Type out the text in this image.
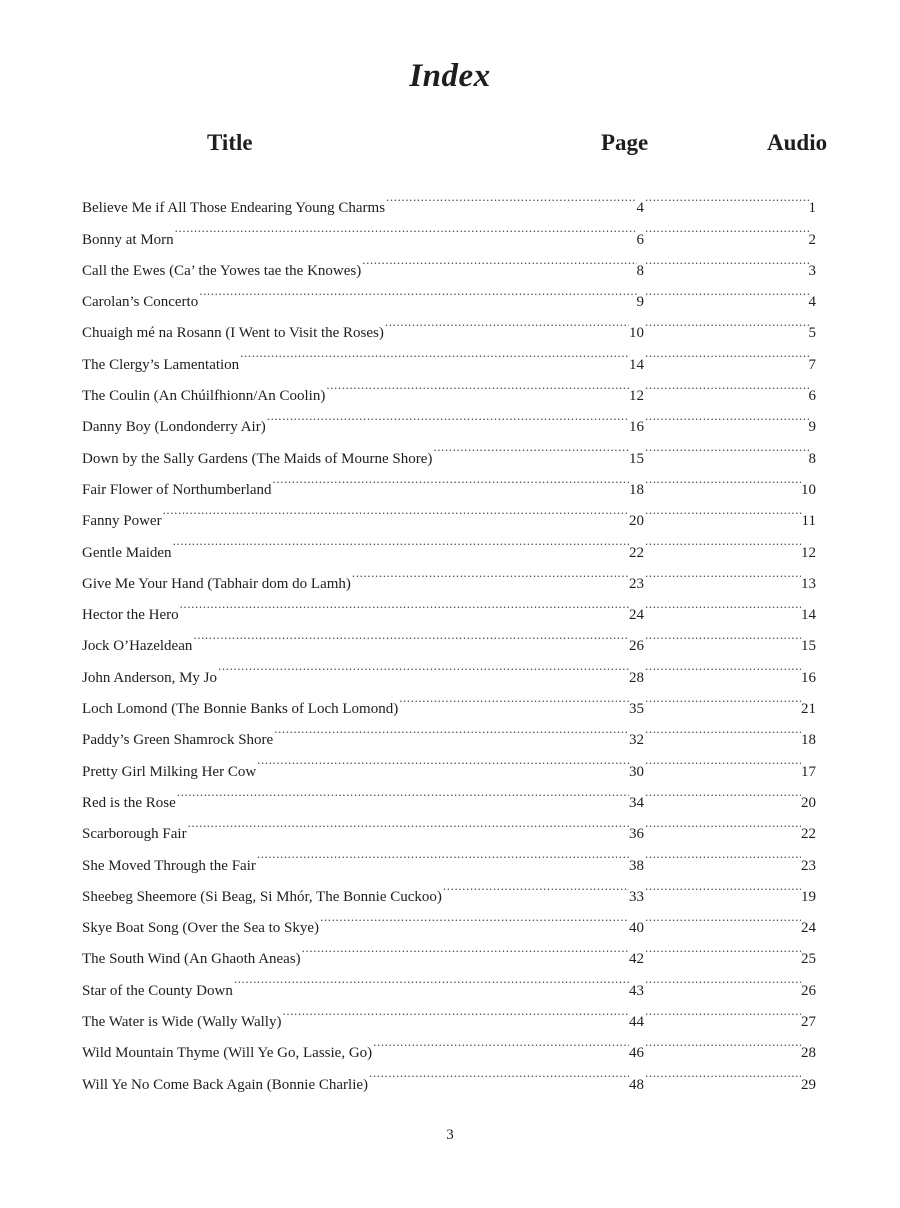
Index
Title	Page	Audio
Believe Me if All Those Endearing Young Charms .....	4 .....	1
Bonny at Morn .....	6 .....	2
Call the Ewes (Ca’ the Yowes tae the Knowes) .....	8 .....	3
Carolan’s Concerto .....	9 .....	4
Chuaigh mé na Rosann (I Went to Visit the Roses) .....	10 .....	5
The Clergy’s Lamentation .....	14 .....	7
The Coulin (An Chúilfhionn/An Coolin) .....	12 .....	6
Danny Boy (Londonderry Air) .....	16 .....	9
Down by the Sally Gardens (The Maids of Mourne Shore) .....	15 .....	8
Fair Flower of Northumberland .....	18 .....	10
Fanny Power .....	20 .....	11
Gentle Maiden .....	22 .....	12
Give Me Your Hand (Tabhair dom do Lamh) .....	23 .....	13
Hector the Hero .....	24 .....	14
Jock O’Hazeldean .....	26 .....	15
John Anderson, My Jo .....	28 .....	16
Loch Lomond (The Bonnie Banks of Loch Lomond) .....	35 .....	21
Paddy’s Green Shamrock Shore .....	32 .....	18
Pretty Girl Milking Her Cow .....	30 .....	17
Red is the Rose .....	34 .....	20
Scarborough Fair .....	36 .....	22
She Moved Through the Fair .....	38 .....	23
Sheebeg Sheemore (Si Beag, Si Mhór, The Bonnie Cuckoo) .....	33 .....	19
Skye Boat Song (Over the Sea to Skye) .....	40 .....	24
The South Wind (An Ghaoth Aneas) .....	42 .....	25
Star of the County Down .....	43 .....	26
The Water is Wide (Wally Wally) .....	44 .....	27
Wild Mountain Thyme (Will Ye Go, Lassie, Go) .....	46 .....	28
Will Ye No Come Back Again (Bonnie Charlie) .....	48 .....	29

3
